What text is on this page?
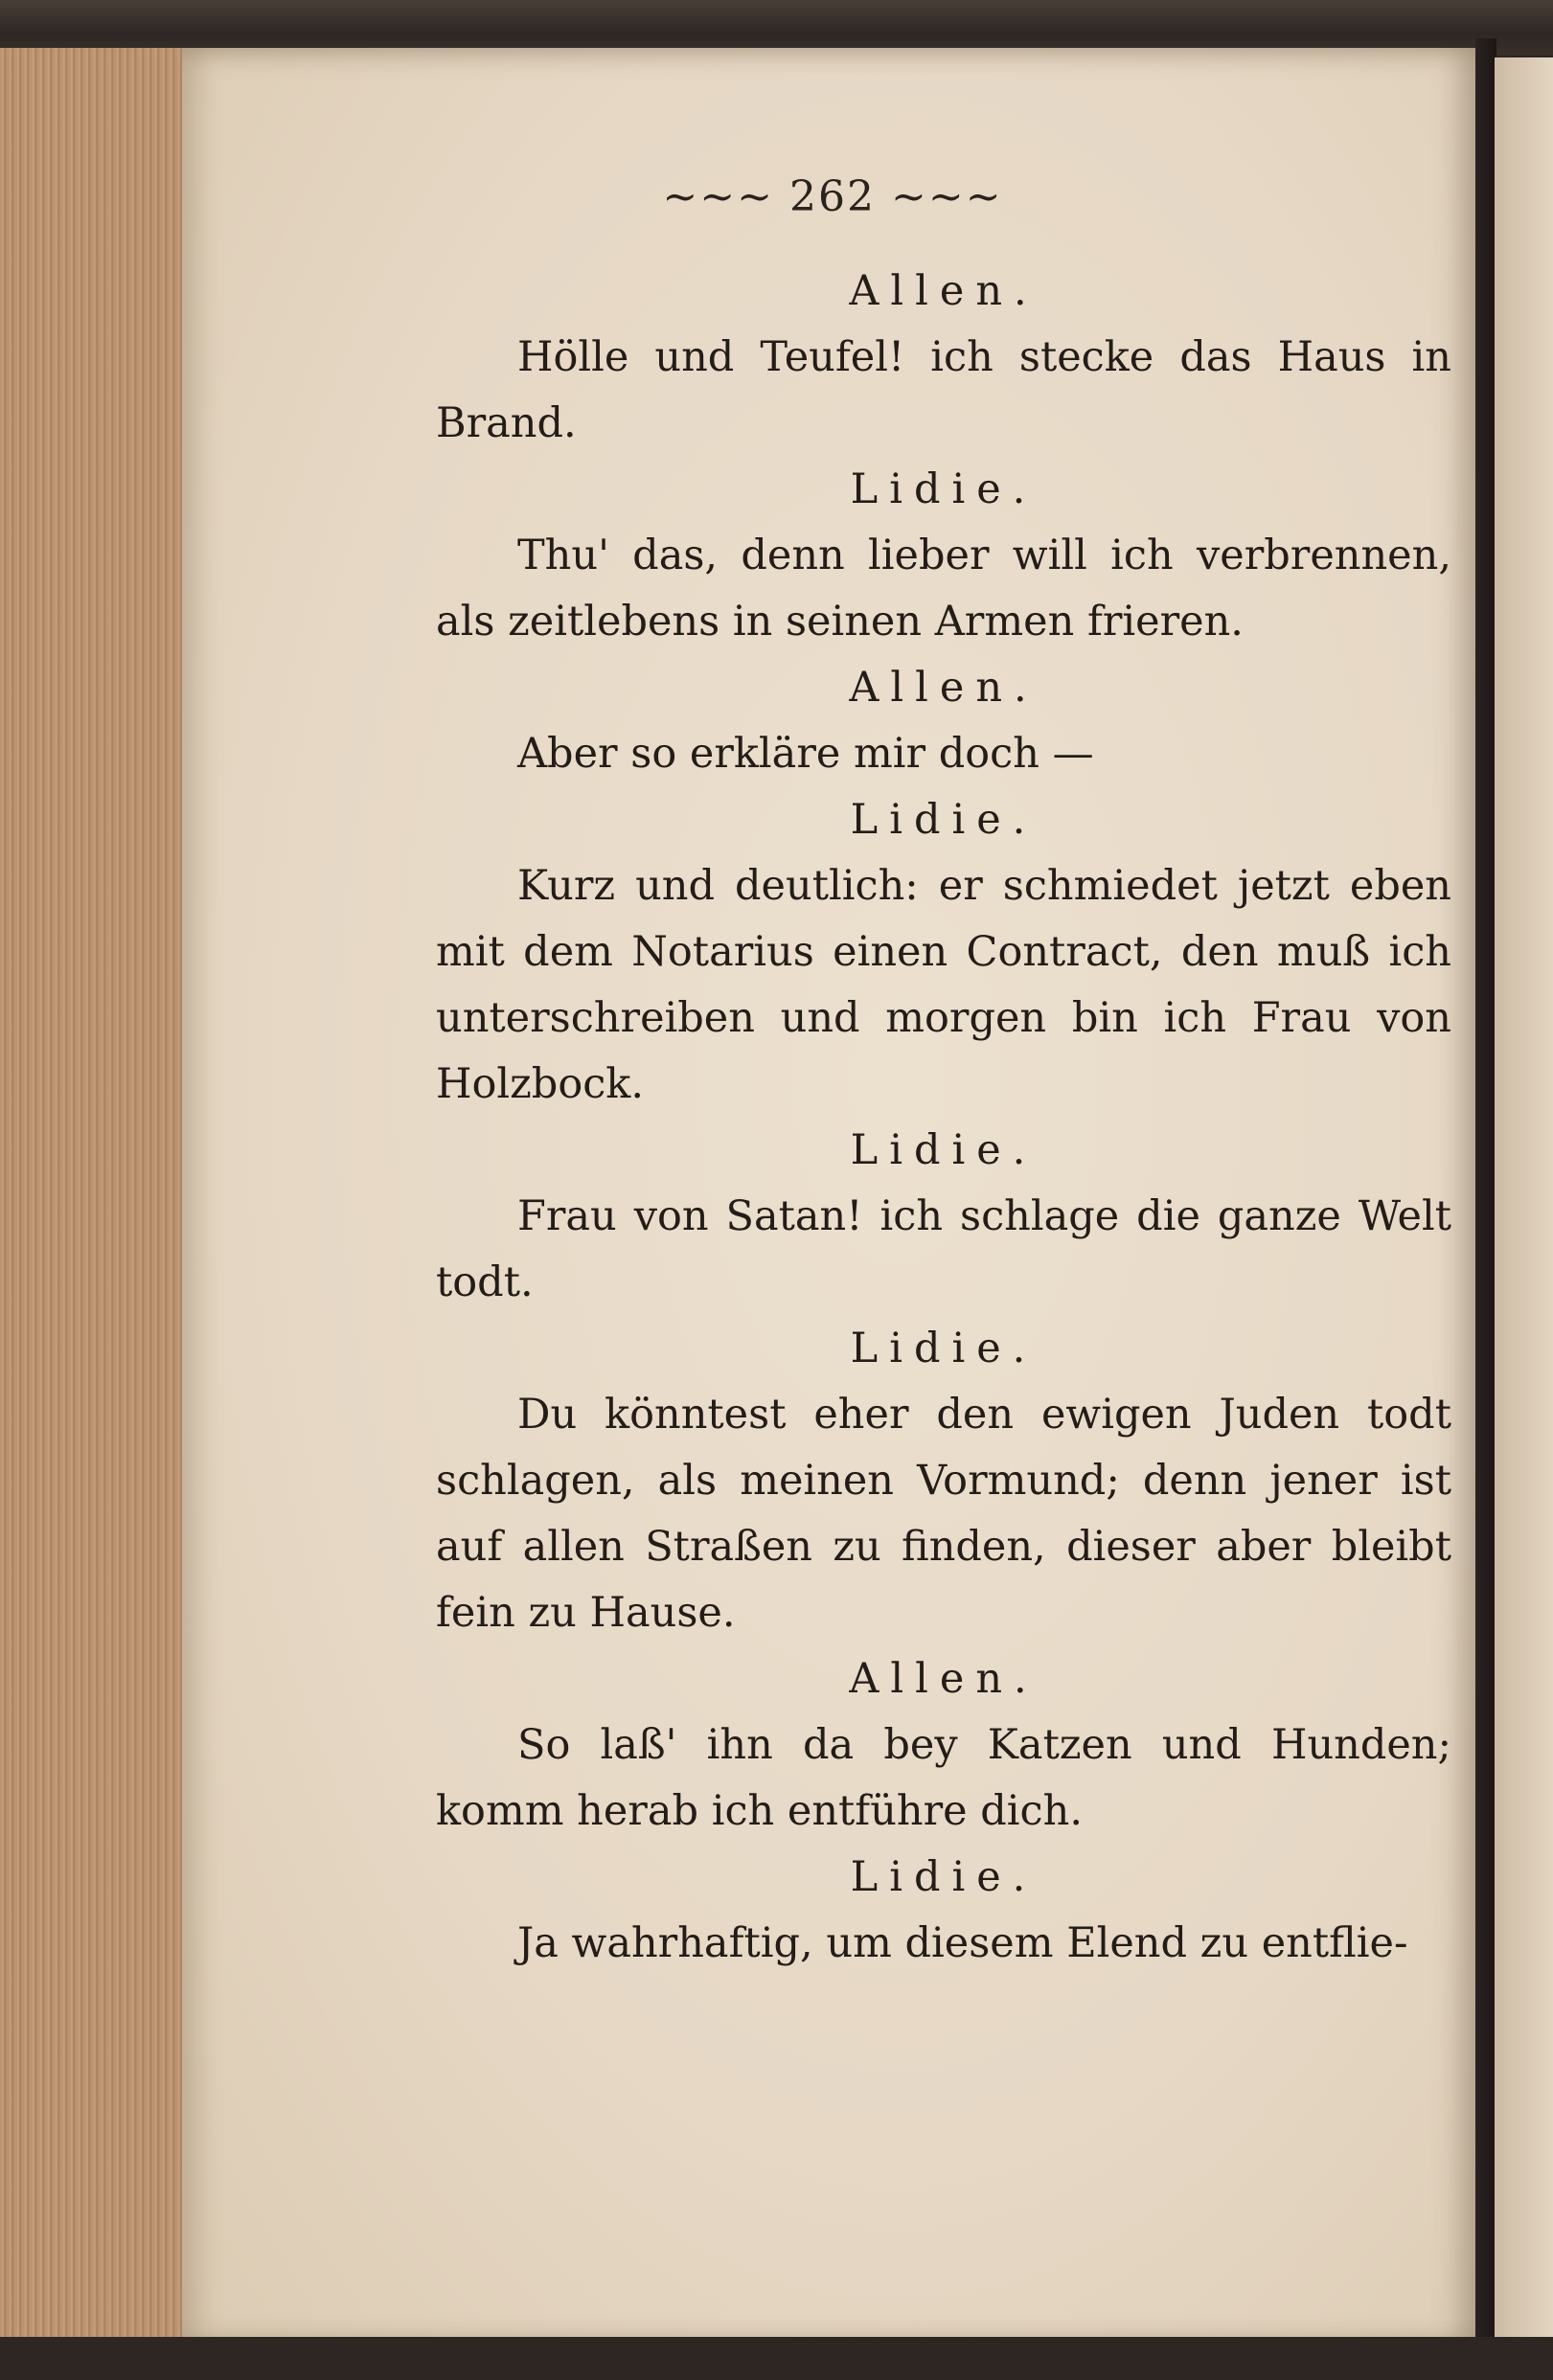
~~~ 262 ~~~
Allen.
Hölle und Teufel! ich stecke das Haus in Brand.
Lidie.
Thu' das, denn lieber will ich verbrennen, als zeitlebens in seinen Armen frieren.
Allen.
Aber so erkläre mir doch —
Lidie.
Kurz und deutlich: er schmiedet jetzt eben mit dem Notarius einen Contract, den muß ich unterschreiben und morgen bin ich Frau von Holzbock.
Lidie.
Frau von Satan! ich schlage die ganze Welt todt.
Lidie.
Du könntest eher den ewigen Juden todt schlagen, als meinen Vormund; denn jener ist auf allen Straßen zu finden, dieser aber bleibt fein zu Hause.
Allen.
So laß' ihn da bey Katzen und Hunden; komm herab ich entführe dich.
Lidie.
Ja wahrhaftig, um diesem Elend zu entflie-
